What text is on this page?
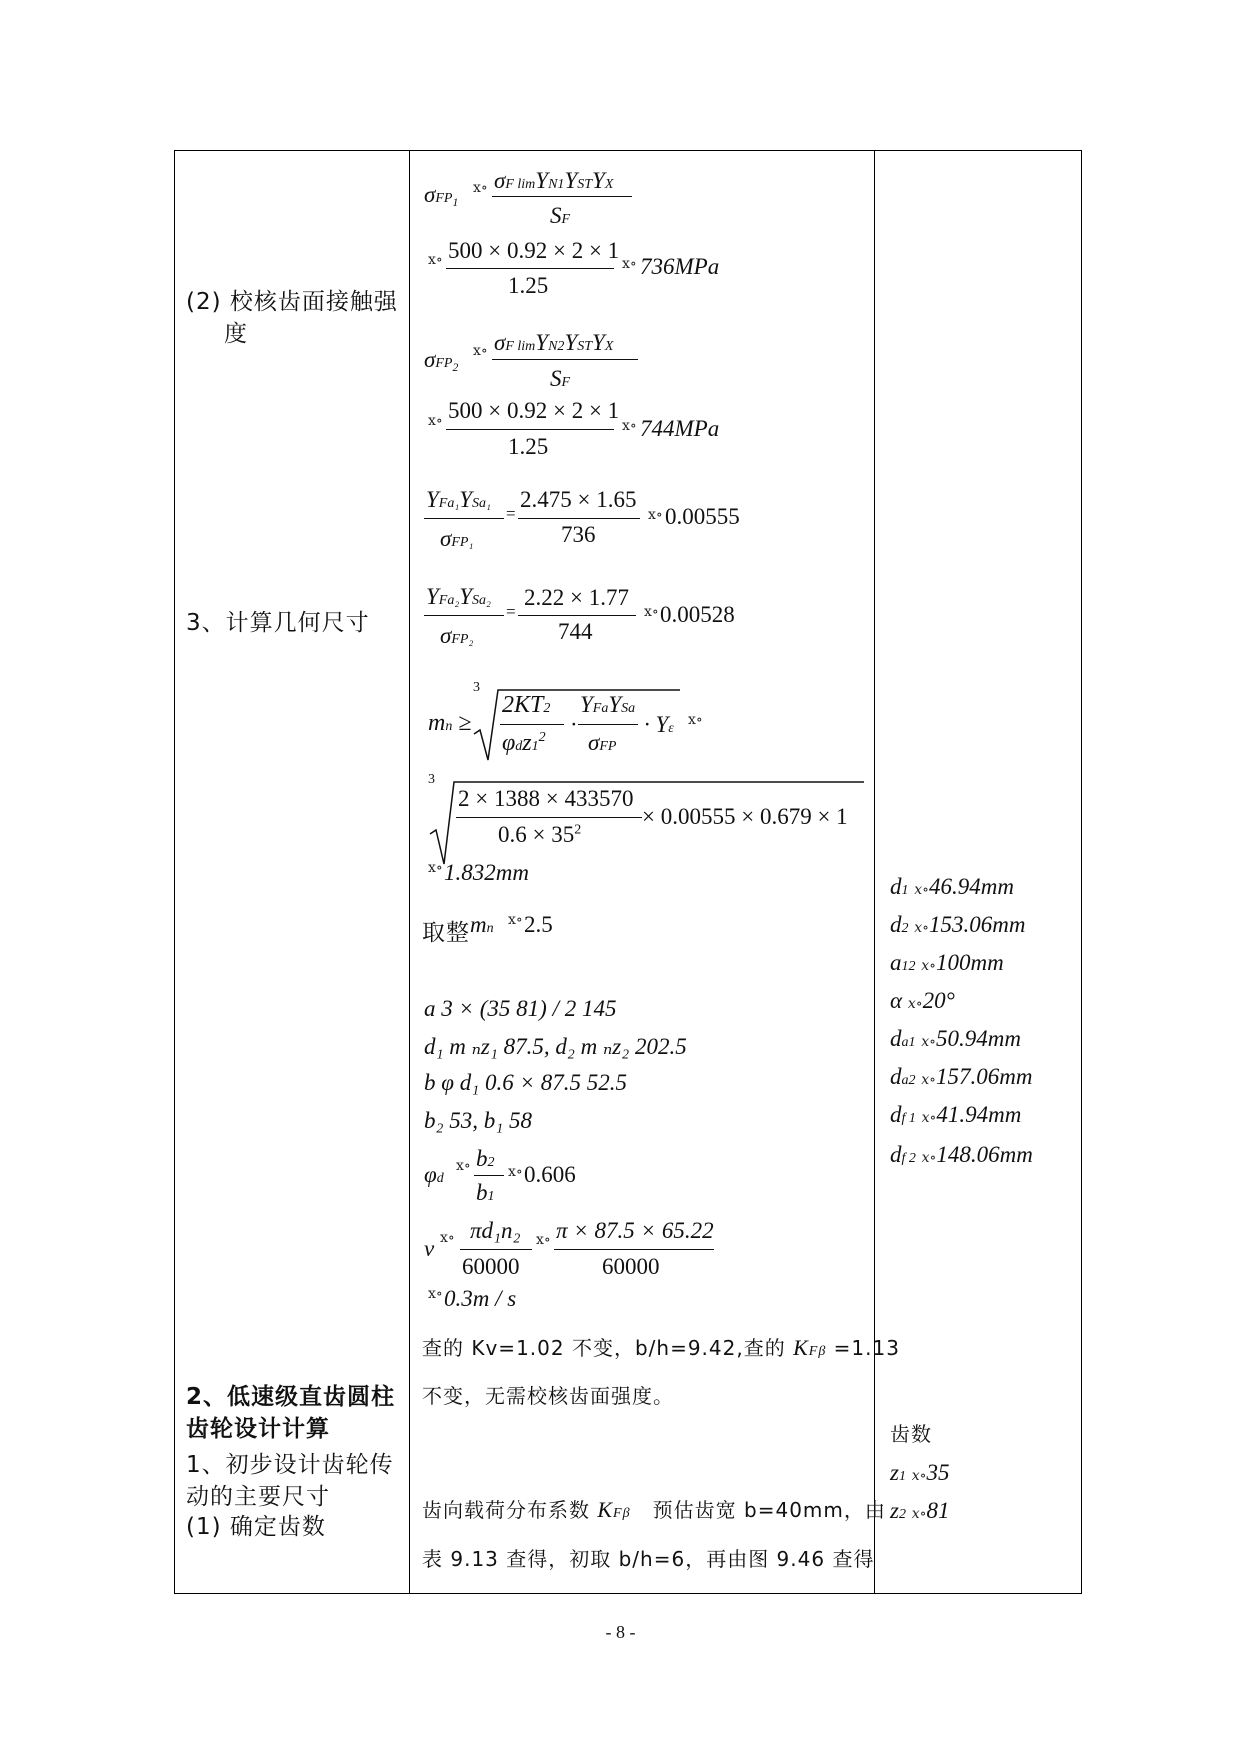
(2) 校核齿面接触强
度
3、计算几何尺寸
2、低速级直齿圆柱
齿轮设计计算
1、初步设计齿轮传
动的主要尺寸
(1) 确定齿数
σFP$_1$
ⅹ∘ σF limYN1YSTYX
SF
ⅹ∘ 500 × 0.92 × 2 × 1
1.25
ⅹ∘ 736MPa
σFP$_2$
ⅹ∘ σF limYN2YSTYX
SF
ⅹ∘ 500 × 0.92 × 2 × 1
1.25
ⅹ∘ 744MPa
YFa₁YSa₁
σFP₁
=
2.475 × 1.65
736
ⅹ∘ 0.00555
YFa₂YSa₂
σFP₂
=
2.22 × 1.77
744
ⅹ∘ 0.00528
mn ≥
3
2KT2
$\varphi dz1^2$
·
YFaYSa
σFP
· Yε
ⅹ∘
3
2 × 1388 × 433570
$0.6 \times 35^2$
× 0.00555 × 0.679 × 1
ⅹ∘ 1.832mm
取整 mn
ⅹ∘ 2.5
a 3 × (35 81) / 2 145
d₁ m ₙz₁ 87.5, d₂ m ₙz₂ 202.5
b φ d₁ 0.6 × 87.5 52.5
b₂ 53, b₁ 58
φd
ⅹ∘ b2
b1
ⅹ∘ 0.606
v ⅹ∘ πd₁n₂
60000
ⅹ∘ π × 87.5 × 65.22
60000
ⅹ∘ 0.3m / s
查的 Kv=1.02 不变，b/h=9.42,查的 KFβ =1.13
不变，无需校核齿面强度。
齿向载荷分布系数 KFβ 预估齿宽 b=40mm，由
表 9.13 查得，初取 b/h=6，再由图 9.46 查得
d1 ⅹ∘46.94mm
d2 ⅹ∘153.06mm
a12 ⅹ∘100mm
α ⅹ∘20°
da1 ⅹ∘50.94mm
da2 ⅹ∘157.06mm
df 1 ⅹ∘41.94mm
df 2 ⅹ∘148.06mm
齿数
z1 ⅹ∘35
z2 ⅹ∘81
- 8 -
